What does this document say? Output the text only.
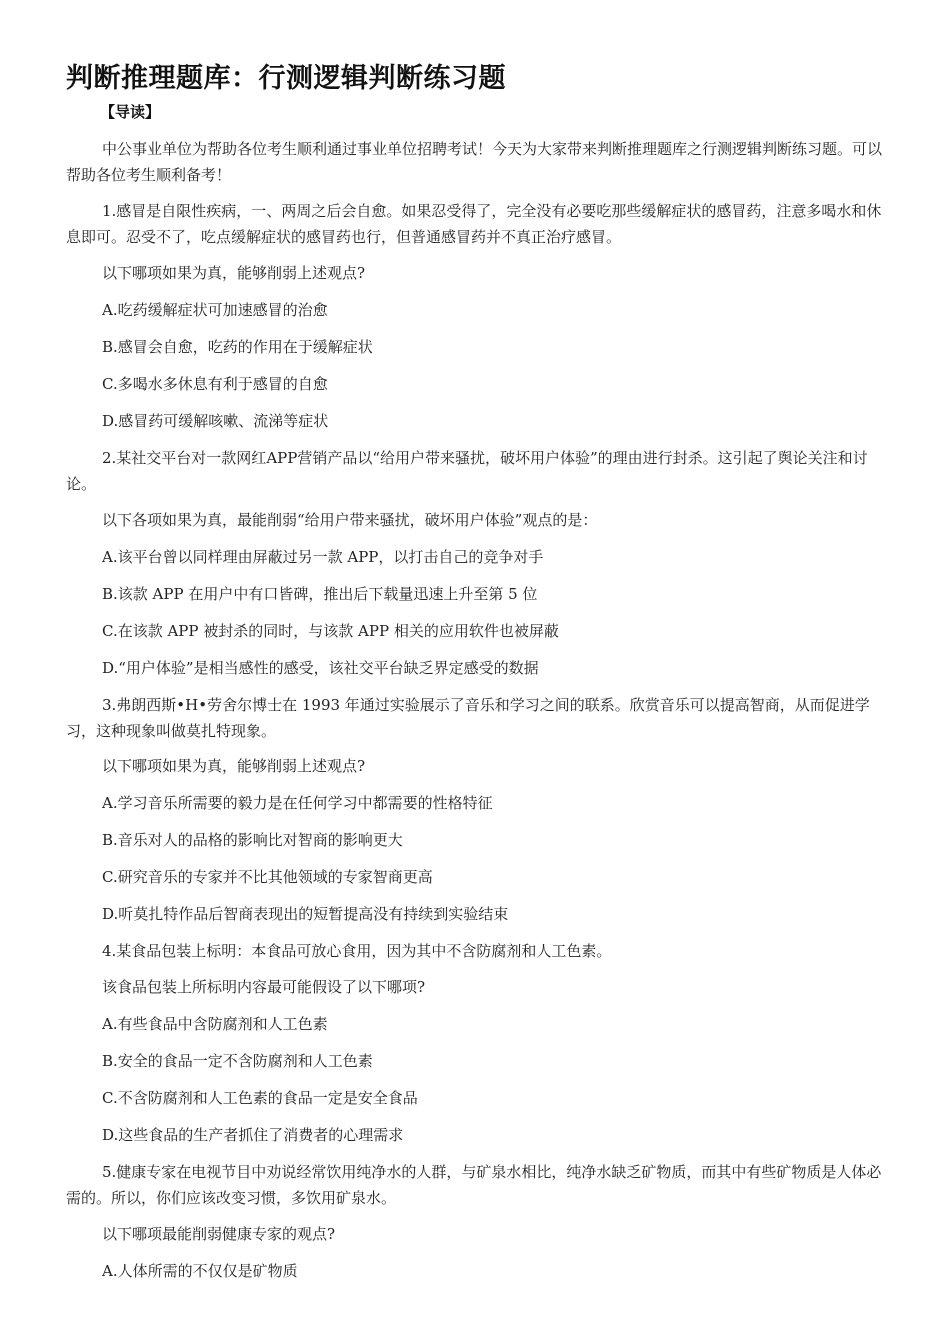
判断推理题库：行测逻辑判断练习题
【导读】
中公事业单位为帮助各位考生顺利通过事业单位招聘考试！今天为大家带来判断推理题库之行测逻辑判断练习题。可以帮助各位考生顺利备考！
1.感冒是自限性疾病，一、两周之后会自愈。如果忍受得了，完全没有必要吃那些缓解症状的感冒药，注意多喝水和休息即可。忍受不了，吃点缓解症状的感冒药也行，但普通感冒药并不真正治疗感冒。
以下哪项如果为真，能够削弱上述观点?
A.吃药缓解症状可加速感冒的治愈
B.感冒会自愈，吃药的作用在于缓解症状
C.多喝水多休息有利于感冒的自愈
D.感冒药可缓解咳嗽、流涕等症状
2.某社交平台对一款网红APP营销产品以“给用户带来骚扰，破坏用户体验”的理由进行封杀。这引起了舆论关注和讨论。
以下各项如果为真，最能削弱“给用户带来骚扰，破坏用户体验”观点的是：
A.该平台曾以同样理由屏蔽过另一款 APP，以打击自己的竞争对手
B.该款 APP 在用户中有口皆碑，推出后下载量迅速上升至第 5 位
C.在该款 APP 被封杀的同时，与该款 APP 相关的应用软件也被屏蔽
D.“用户体验”是相当感性的感受，该社交平台缺乏界定感受的数据
3.弗朗西斯•H•劳舍尔博士在 1993 年通过实验展示了音乐和学习之间的联系。欣赏音乐可以提高智商，从而促进学习，这种现象叫做莫扎特现象。
以下哪项如果为真，能够削弱上述观点?
A.学习音乐所需要的毅力是在任何学习中都需要的性格特征
B.音乐对人的品格的影响比对智商的影响更大
C.研究音乐的专家并不比其他领域的专家智商更高
D.听莫扎特作品后智商表现出的短暂提高没有持续到实验结束
4.某食品包装上标明：本食品可放心食用，因为其中不含防腐剂和人工色素。
该食品包装上所标明内容最可能假设了以下哪项?
A.有些食品中含防腐剂和人工色素
B.安全的食品一定不含防腐剂和人工色素
C.不含防腐剂和人工色素的食品一定是安全食品
D.这些食品的生产者抓住了消费者的心理需求
5.健康专家在电视节目中劝说经常饮用纯净水的人群，与矿泉水相比，纯净水缺乏矿物质，而其中有些矿物质是人体必需的。所以，你们应该改变习惯，多饮用矿泉水。
以下哪项最能削弱健康专家的观点?
A.人体所需的不仅仅是矿物质
